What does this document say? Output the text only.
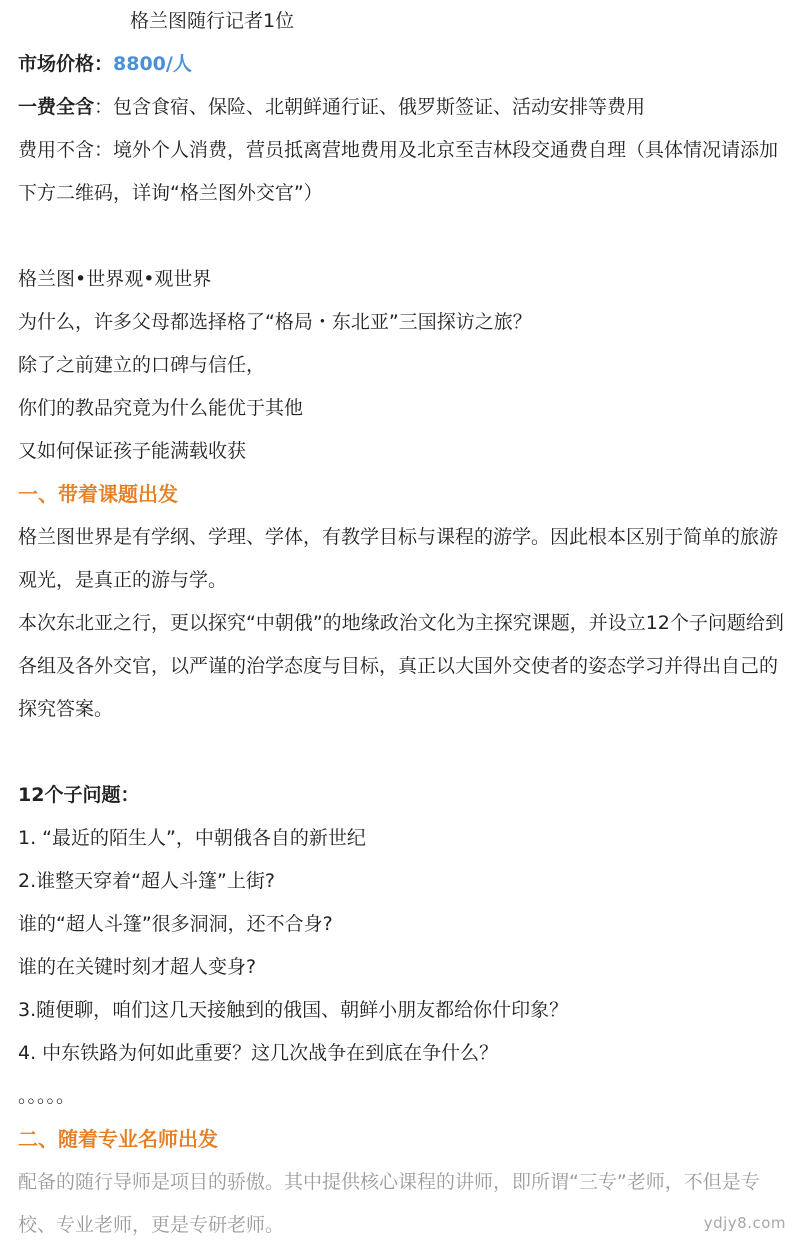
格兰图随行记者1位
市场价格：8800/人
一费全含：包含食宿、保险、北朝鲜通行证、俄罗斯签证、活动安排等费用
费用不含：境外个人消费，营员抵离营地费用及北京至吉林段交通费自理（具体情况请添加下方二维码，详询“格兰图外交官”）
格兰图•世界观•观世界
为什么，许多父母都选择格了“格局・东北亚”三国探访之旅？
除了之前建立的口碑与信任，
你们的教品究竟为什么能优于其他
又如何保证孩子能满载收获
一、带着课题出发
格兰图世界是有学纲、学理、学体，有教学目标与课程的游学。因此根本区别于简单的旅游观光，是真正的游与学。
本次东北亚之行，更以探究“中朝俄”的地缘政治文化为主探究课题，并设立12个子问题给到各组及各外交官，以严谨的治学态度与目标，真正以大国外交使者的姿态学习并得出自己的探究答案。
12个子问题：
1. “最近的陌生人”，中朝俄各自的新世纪
2.谁整天穿着“超人斗篷”上街?
谁的“超人斗篷”很多洞洞，还不合身?
谁的在关键时刻才超人变身?
3.随便聊，咱们这几天接触到的俄国、朝鲜小朋友都给你什印象？
4. 中东铁路为何如此重要？这几次战争在到底在争什么？
。。。。。
二、随着专业名师出发
配备的随行导师是项目的骄傲。其中提供核心课程的讲师，即所谓“三专”老师，不但是专校、专业老师，更是专研老师。	ydjy8.com
